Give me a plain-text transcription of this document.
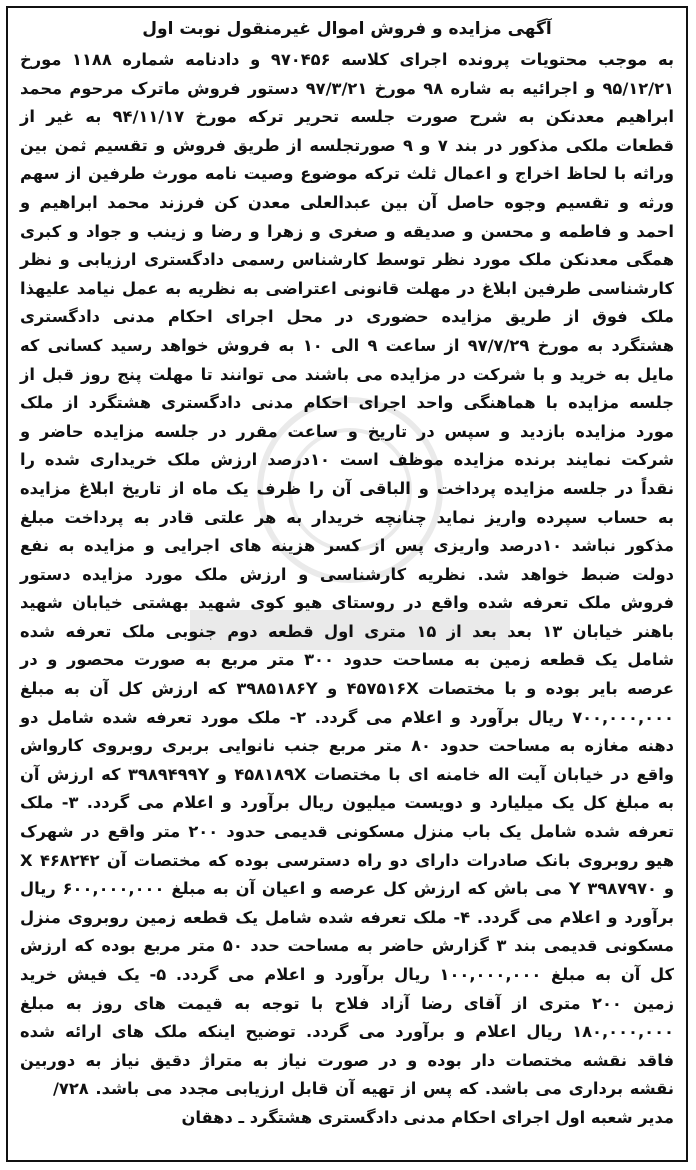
آگهی مزایده و فروش اموال غیرمنقول نوبت اول

به موجب محتویات پرونده اجرای کلاسه ۹۷۰۴۵۶ و دادنامه شماره ۱۱۸۸ مورخ ۹۵/۱۲/۲۱ و اجرائیه به شاره ۹۸ مورخ ۹۷/۳/۲۱ دستور فروش ماترک مرحوم محمد ابراهیم معدنکن به شرح صورت جلسه تحریر ترکه مورخ ۹۴/۱۱/۱۷ به غیر از قطعات ملکی مذکور در بند ۷ و ۹ صورتجلسه از طریق فروش و تقسیم ثمن بین وراثه با لحاظ اخراج و اعمال ثلث ترکه موضوع وصیت نامه مورث طرفین از سهم ورثه و تقسیم وجوه حاصل آن بین عبدالعلی معدن کن فرزند محمد ابراهیم و احمد و فاطمه و محسن و صدیقه و صغری و زهرا و رضا و زینب و جواد و کبری همگی معدنکن ملک مورد نظر توسط کارشناس رسمی دادگستری ارزیابی و نظر کارشناسی طرفین ابلاغ در مهلت قانونی اعتراضی به نظریه به عمل نیامد علیهذا ملک فوق از طریق مزایده حضوری در محل اجرای احکام مدنی دادگستری هشتگرد به مورخ ۹۷/۷/۲۹ از ساعت ۹ الی ۱۰ به فروش خواهد رسید کسانی که مایل به خرید و با شرکت در مزایده می باشند می توانند تا مهلت پنج روز قبل از جلسه مزایده با هماهنگی واحد اجرای احکام مدنی دادگستری هشتگرد از ملک مورد مزایده بازدید و سپس در تاریخ و ساعت مقرر در جلسه مزایده حاضر و شرکت نمایند برنده مزایده موظف است ۱۰درصد ارزش ملک خریداری شده را نقداً در جلسه مزایده پرداخت و الباقی آن را ظرف یک ماه از تاریخ ابلاغ مزایده به حساب سپرده واریز نماید چنانچه خریدار به هر علتی قادر به پرداخت مبلغ مذکور نباشد ۱۰درصد واریزی پس از کسر هزینه های اجرایی و مزایده به نفع دولت ضبط خواهد شد. نظریه کارشناسی و ارزش ملک مورد مزایده دستور فروش ملک تعرفه شده واقع در روستای هیو کوی شهید بهشتی خیابان شهید باهنر خیابان ۱۳ بعد بعد از ۱۵ متری اول قطعه دوم جنوبی ملک تعرفه شده شامل یک قطعه زمین به مساحت حدود ۳۰۰ متر مربع به صورت محصور و در عرصه بایر بوده و با مختصات ۴۵۷۵۱۶X و ۳۹۸۵۱۸۶Y که ارزش کل آن به مبلغ ۷۰۰,۰۰۰,۰۰۰ ریال برآورد و اعلام می گردد. ۲- ملک مورد تعرفه شده شامل دو دهنه مغازه به مساحت حدود ۸۰ متر مربع جنب نانوایی بربری روبروی کارواش واقع در خیابان آیت اله خامنه ای با مختصات ۴۵۸۱۸۹X و ۳۹۸۹۴۹۹Y که ارزش آن به مبلغ کل یک میلیارد و دویست میلیون ریال برآورد و اعلام می گردد. ۳- ملک تعرفه شده شامل یک باب منزل مسکونی قدیمی حدود ۲۰۰ متر واقع در شهرک هیو روبروی بانک صادرات دارای دو راه دسترسی بوده که مختصات آن ۴۶۸۲۴۲ X و ۳۹۸۷۹۷۰ Y می باش که ارزش کل عرصه و اعیان آن به مبلغ ۶۰۰,۰۰۰,۰۰۰ ریال برآورد و اعلام می گردد. ۴- ملک تعرفه شده شامل یک قطعه زمین روبروی منزل مسکونی قدیمی بند ۳ گزارش حاضر به مساحت حدد ۵۰ متر مربع بوده که ارزش کل آن به مبلغ ۱۰۰,۰۰۰,۰۰۰ ریال برآورد و اعلام می گردد. ۵- یک فیش خرید زمین ۲۰۰ متری از آقای رضا آزاد فلاح با توجه به قیمت های روز به مبلغ ۱۸۰,۰۰۰,۰۰۰ ریال اعلام و برآورد می گردد. توضیح اینکه ملک های ارائه شده فاقد نقشه مختصات دار بوده و در صورت نیاز به متراژ دقیق نیاز به دوربین نقشه برداری می باشد. که پس از تهیه آن قابل ارزیابی مجدد می باشد. ۷۲۸/

مدیر شعبه اول اجرای احکام مدنی دادگستری هشتگرد ـ دهقان
